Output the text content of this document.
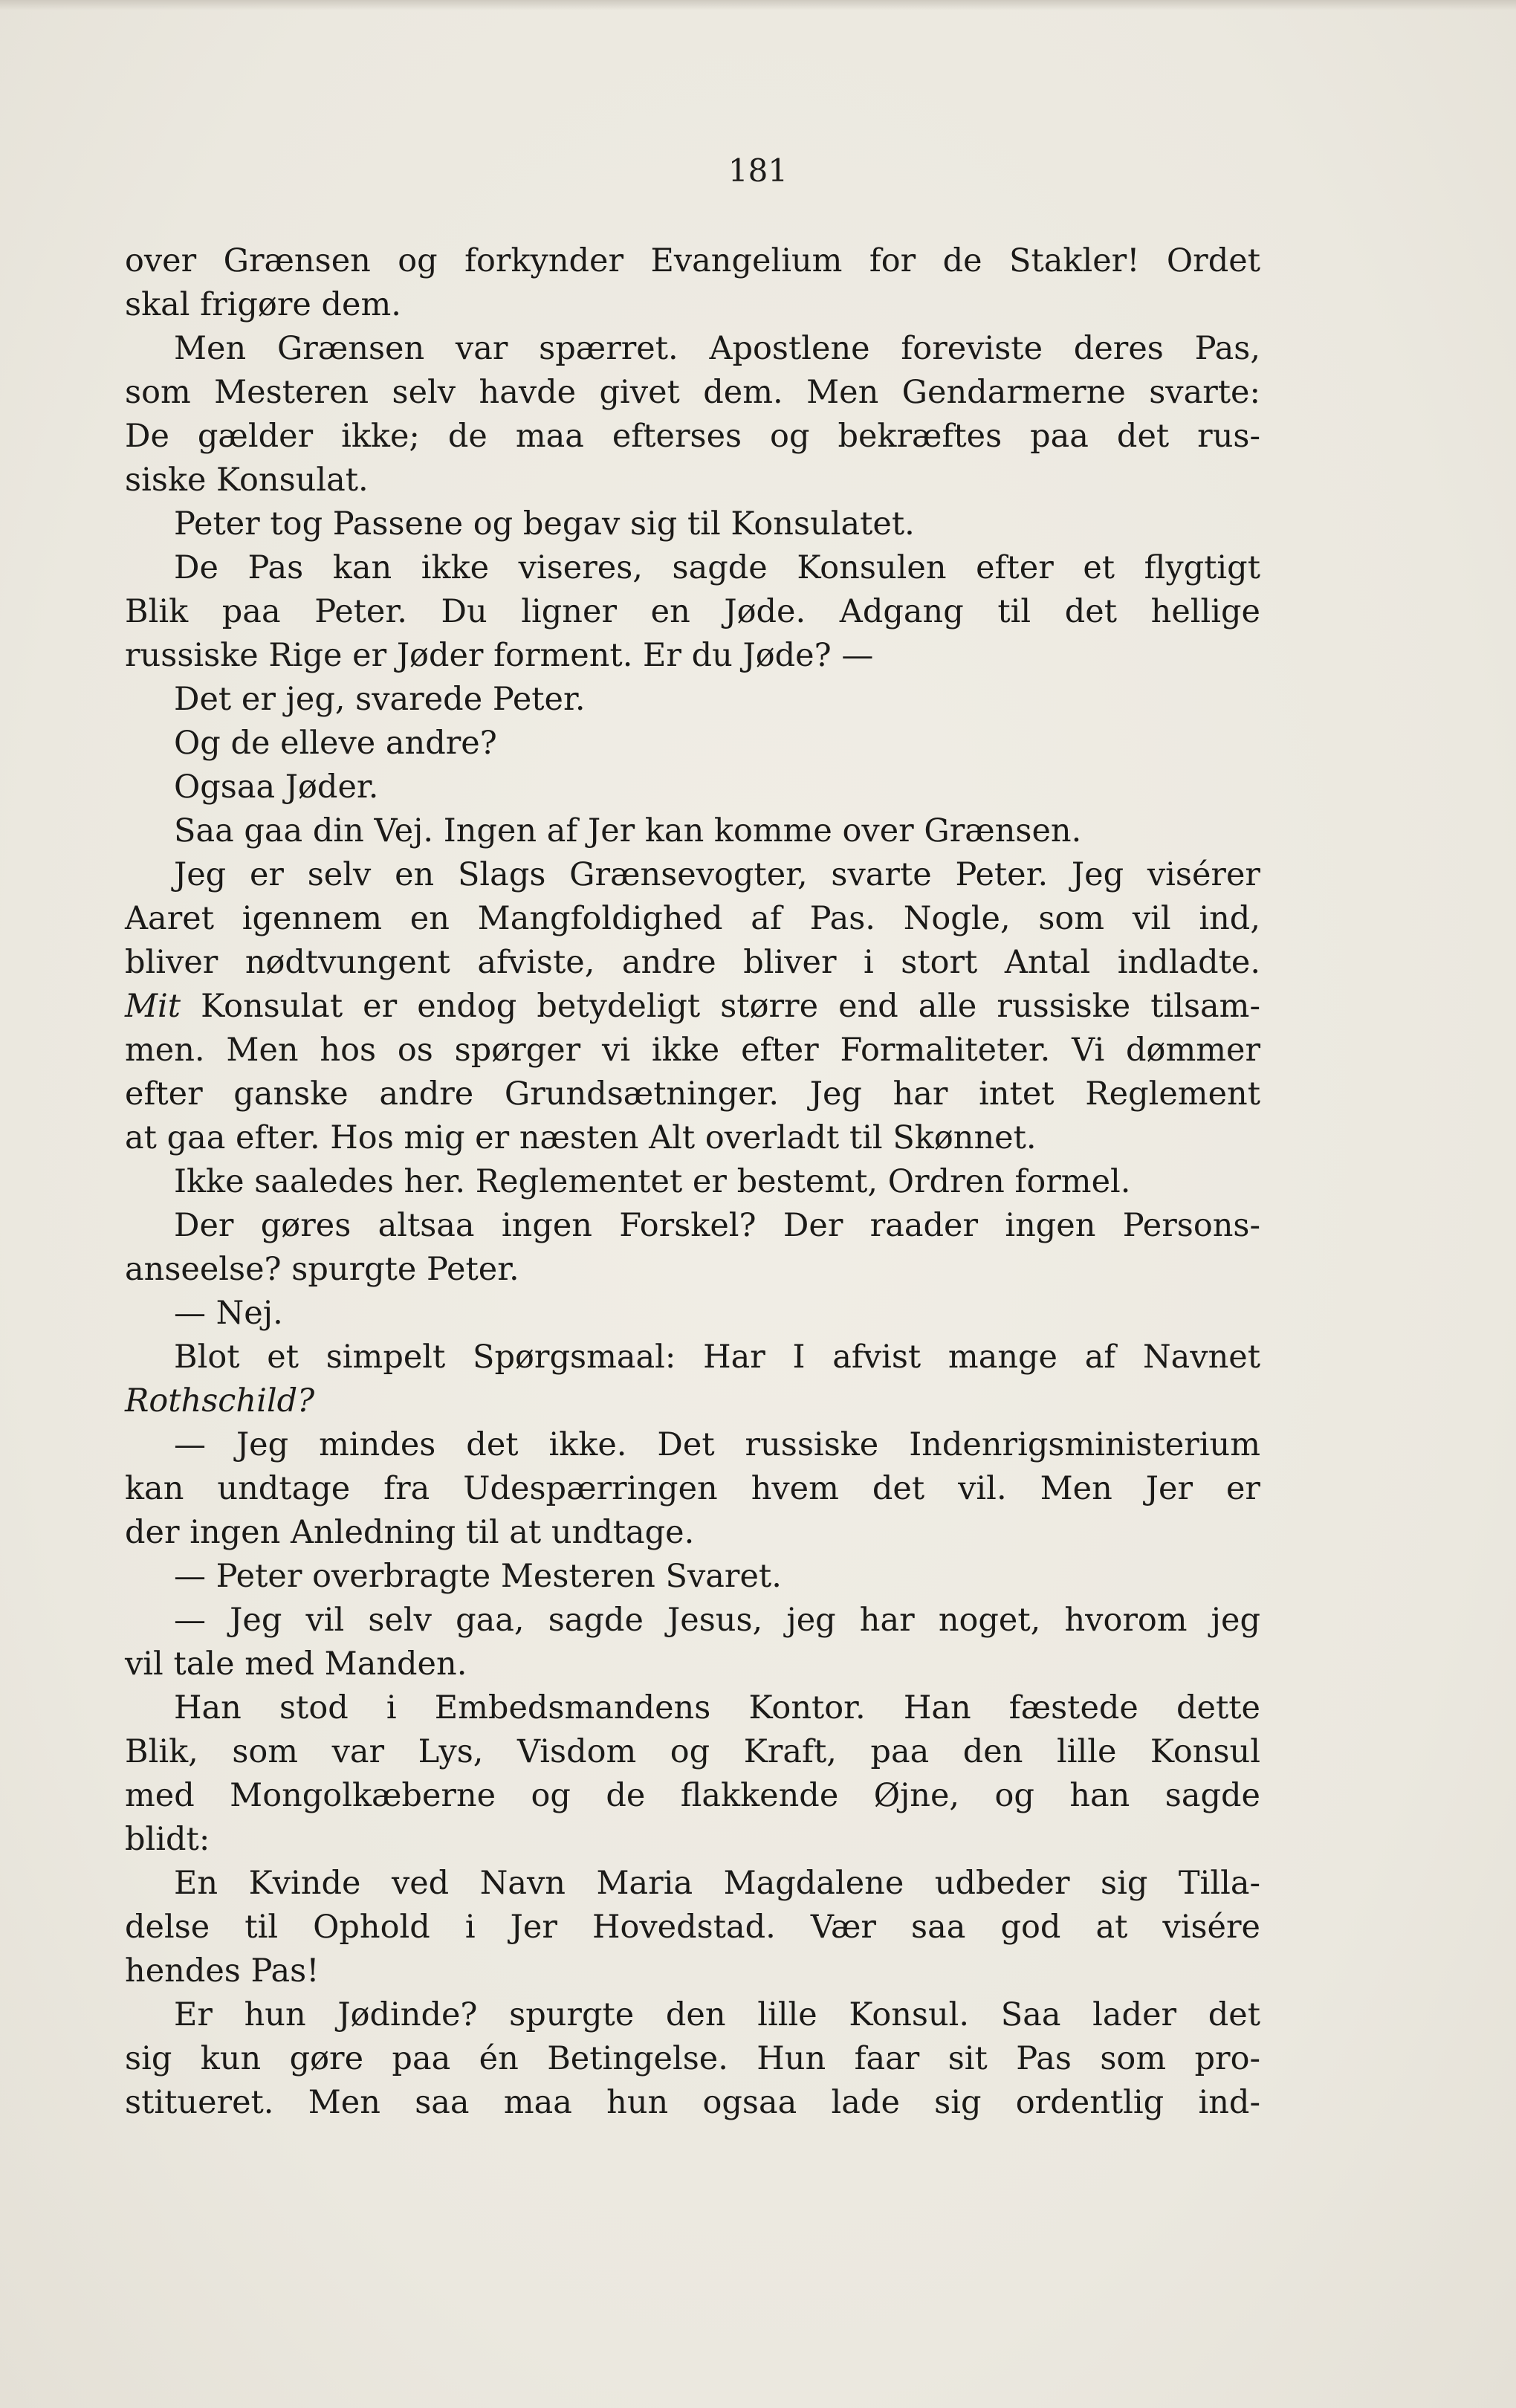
181
over Grænsen og forkynder Evangelium for de Stakler! Ordet
skal frigøre dem.
Men Grænsen var spærret. Apostlene foreviste deres Pas,
som Mesteren selv havde givet dem. Men Gendarmerne svarte:
De gælder ikke; de maa efterses og bekræftes paa det rus-
siske Konsulat.
Peter tog Passene og begav sig til Konsulatet.
De Pas kan ikke viseres, sagde Konsulen efter et flygtigt
Blik paa Peter. Du ligner en Jøde. Adgang til det hellige
russiske Rige er Jøder forment. Er du Jøde? —
Det er jeg, svarede Peter.
Og de elleve andre?
Ogsaa Jøder.
Saa gaa din Vej. Ingen af Jer kan komme over Grænsen.
Jeg er selv en Slags Grænsevogter, svarte Peter. Jeg visérer
Aaret igennem en Mangfoldighed af Pas. Nogle, som vil ind,
bliver nødtvungent afviste, andre bliver i stort Antal indladte.
Mit Konsulat er endog betydeligt større end alle russiske tilsam-
men. Men hos os spørger vi ikke efter Formaliteter. Vi dømmer
efter ganske andre Grundsætninger. Jeg har intet Reglement
at gaa efter. Hos mig er næsten Alt overladt til Skønnet.
Ikke saaledes her. Reglementet er bestemt, Ordren formel.
Der gøres altsaa ingen Forskel? Der raader ingen Persons-
anseelse? spurgte Peter.
— Nej.
Blot et simpelt Spørgsmaal: Har I afvist mange af Navnet
Rothschild?
— Jeg mindes det ikke. Det russiske Indenrigsministerium
kan undtage fra Udespærringen hvem det vil. Men Jer er
der ingen Anledning til at undtage.
— Peter overbragte Mesteren Svaret.
— Jeg vil selv gaa, sagde Jesus, jeg har noget, hvorom jeg
vil tale med Manden.
Han stod i Embedsmandens Kontor. Han fæstede dette
Blik, som var Lys, Visdom og Kraft, paa den lille Konsul
med Mongolkæberne og de flakkende Øjne, og han sagde
blidt:
En Kvinde ved Navn Maria Magdalene udbeder sig Tilla-
delse til Ophold i Jer Hovedstad. Vær saa god at visére
hendes Pas!
Er hun Jødinde? spurgte den lille Konsul. Saa lader det
sig kun gøre paa én Betingelse. Hun faar sit Pas som pro-
stitueret. Men saa maa hun ogsaa lade sig ordentlig ind-
